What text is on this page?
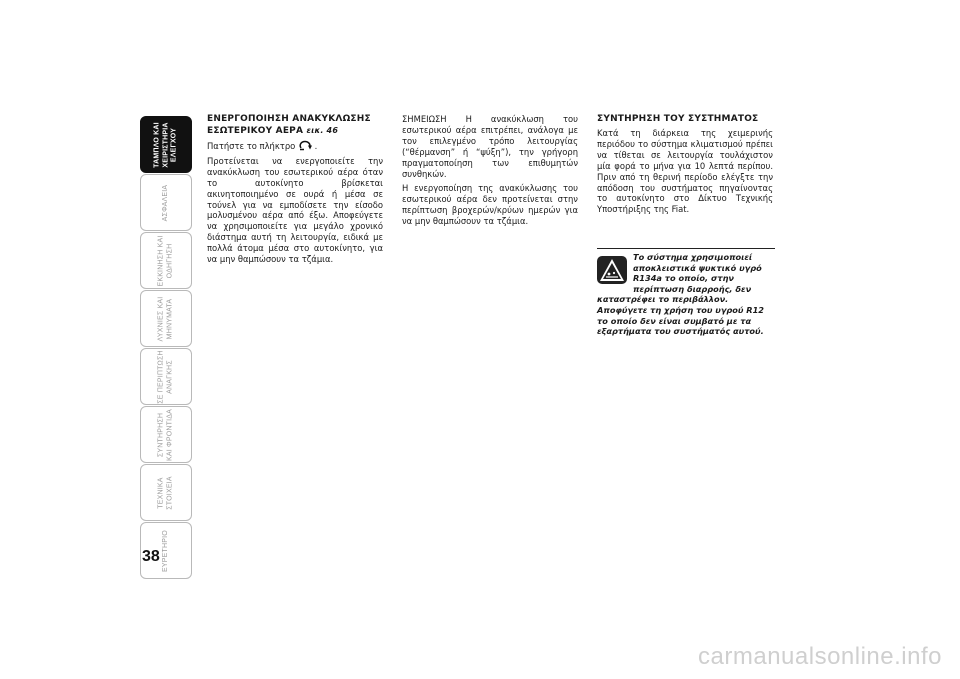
ΤΑΜΠΛΟ ΚΑΙ ΧΕΙΡΙΣΤΗΡΙΑ ΕΛΕΓΧΟΥ
ΑΣΦΑΛΕΙΑ
ΕΚΚΙΝΗΣΗ ΚΑΙ ΟΔΗΓΗΣΗ
ΛΥΧΝΙΕΣ ΚΑΙ ΜΗΝΥΜΑΤΑ
ΣΕ ΠΕΡΙΠΤΩΣΗ ΑΝΑΓΚΗΣ
ΣΥΝΤΗΡΗΣΗ ΚΑΙ ΦΡΟΝΤΙΔΑ
ΤΕΧΝΙΚΑ ΣΤΟΙΧΕΙΑ
ΕΥΡΕΤΗΡΙΟ
38
ΕΝΕΡΓΟΠΟΙΗΣΗ ΑΝΑΚΥΚΛΩΣΗΣ ΕΣΩΤΕΡΙΚΟΥ ΑΕΡΑ εικ. 46

Πατήστε το πλήκτρο .

Προτείνεται να ενεργοποιείτε την ανακύκλωση του εσωτερικού αέρα όταν το αυτοκίνητο βρίσκεται ακινητοποιημένο σε ουρά ή μέσα σε τούνελ για να εμποδίσετε την είσοδο μολυσμένου αέρα από έξω. Αποφεύγετε να χρησιμοποιείτε για μεγάλο χρονικό διάστημα αυτή τη λειτουργία, ειδικά με πολλά άτομα μέσα στο αυτοκίνητο, για να μην θαμπώσουν τα τζάμια.

ΣΗΜΕΙΩΣΗ Η ανακύκλωση του εσωτερικού αέρα επιτρέπει, ανάλογα με τον επιλεγμένο τρόπο λειτουργίας (“θέρμανση” ή “ψύξη”), την γρήγορη πραγματοποίηση των επιθυμητών συνθηκών.

Η ενεργοποίηση της ανακύκλωσης του εσωτερικού αέρα δεν προτείνεται στην περίπτωση βροχερών/κρύων ημερών για να μην θαμπώσουν τα τζάμια.

ΣΥΝΤΗΡΗΣΗ ΤΟΥ ΣΥΣΤΗΜΑΤΟΣ

Κατά τη διάρκεια της χειμερινής περιόδου το σύστημα κλιματισμού πρέπει να τίθεται σε λειτουργία τουλάχιστον μία φορά το μήνα για 10 λεπτά περίπου. Πριν από τη θερινή περίοδο ελέγξτε την απόδοση του συστήματος πηγαίνοντας το αυτοκίνητο στο Δίκτυο Τεχνικής Υποστήριξης της Fiat.

Το σύστημα χρησιμοποιεί αποκλειστικά ψυκτικό υγρό R134a το οποίο, στην περίπτωση διαρροής, δεν καταστρέφει το περιβάλλον. Αποφύγετε τη χρήση του υγρού R12 το οποίο δεν είναι συμβατό με τα εξαρτήματα του συστήματός αυτού.
carmanualsonline.info
